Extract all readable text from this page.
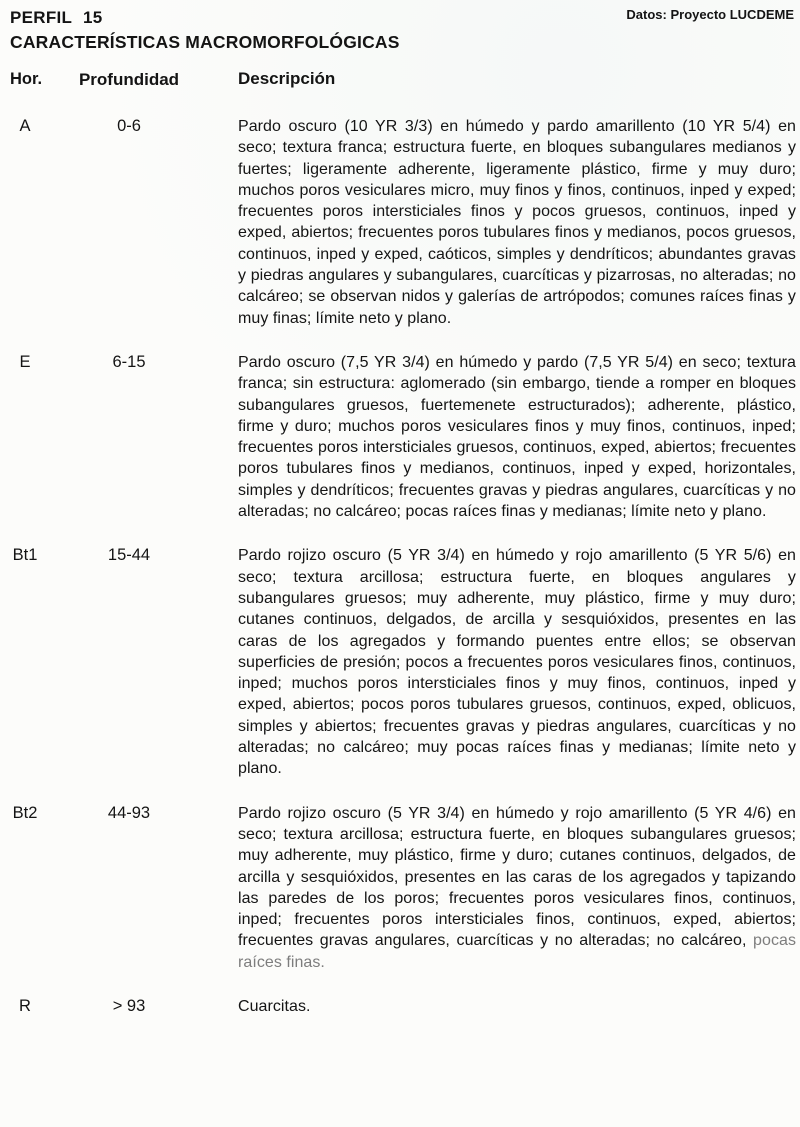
PERFIL 15	Datos: Proyecto LUCDEME
CARACTERÍSTICAS MACROMORFOLÓGICAS
Hor.	Profundidad	Descripción
A	0-6	Pardo oscuro (10 YR 3/3) en húmedo y pardo amarillento (10 YR 5/4) en seco; textura franca; estructura fuerte, en bloques subangulares medianos y fuertes; ligeramente adherente, ligeramente plástico, firme y muy duro; muchos poros vesiculares micro, muy finos y finos, continuos, inped y exped; frecuentes poros intersticiales finos y pocos gruesos, continuos, inped y exped, abiertos; frecuentes poros tubulares finos y medianos, pocos gruesos, continuos, inped y exped, caóticos, simples y dendríticos; abundantes gravas y piedras angulares y subangulares, cuarcíticas y pizarrosas, no alteradas; no calcáreo; se observan nidos y galerías de artrópodos; comunes raíces finas y muy finas; límite neto y plano.

E	6-15	Pardo oscuro (7,5 YR 3/4) en húmedo y pardo (7,5 YR 5/4) en seco; textura franca; sin estructura: aglomerado (sin embargo, tiende a romper en bloques subangulares gruesos, fuertemenete estructurados); adherente, plástico, firme y duro; muchos poros vesiculares finos y muy finos, continuos, inped; frecuentes poros intersticiales gruesos, continuos, exped, abiertos; frecuentes poros tubulares finos y medianos, continuos, inped y exped, horizontales, simples y dendríticos; frecuentes gravas y piedras angulares, cuarcíticas y no alteradas; no calcáreo; pocas raíces finas y medianas; límite neto y plano.

Bt1	15-44	Pardo rojizo oscuro (5 YR 3/4) en húmedo y rojo amarillento (5 YR 5/6) en seco; textura arcillosa; estructura fuerte, en bloques angulares y subangulares gruesos; muy adherente, muy plástico, firme y muy duro; cutanes continuos, delgados, de arcilla y sesquióxidos, presentes en las caras de los agregados y formando puentes entre ellos; se observan superficies de presión; pocos a frecuentes poros vesiculares finos, continuos, inped; muchos poros intersticiales finos y muy finos, continuos, inped y exped, abiertos; pocos poros tubulares gruesos, continuos, exped, oblicuos, simples y abiertos; frecuentes gravas y piedras angulares, cuarcíticas y no alteradas; no calcáreo; muy pocas raíces finas y medianas; límite neto y plano.

Bt2	44-93	Pardo rojizo oscuro (5 YR 3/4) en húmedo y rojo amarillento (5 YR 4/6) en seco; textura arcillosa; estructura fuerte, en bloques subangulares gruesos; muy adherente, muy plástico, firme y duro; cutanes continuos, delgados, de arcilla y sesquióxidos, presentes en las caras de los agregados y tapizando las paredes de los poros; frecuentes poros vesiculares finos, continuos, inped; frecuentes poros intersticiales finos, continuos, exped, abiertos; frecuentes gravas angulares, cuarcíticas y no alteradas; no calcáreo, pocas raíces finas.

R	> 93	Cuarcitas.
